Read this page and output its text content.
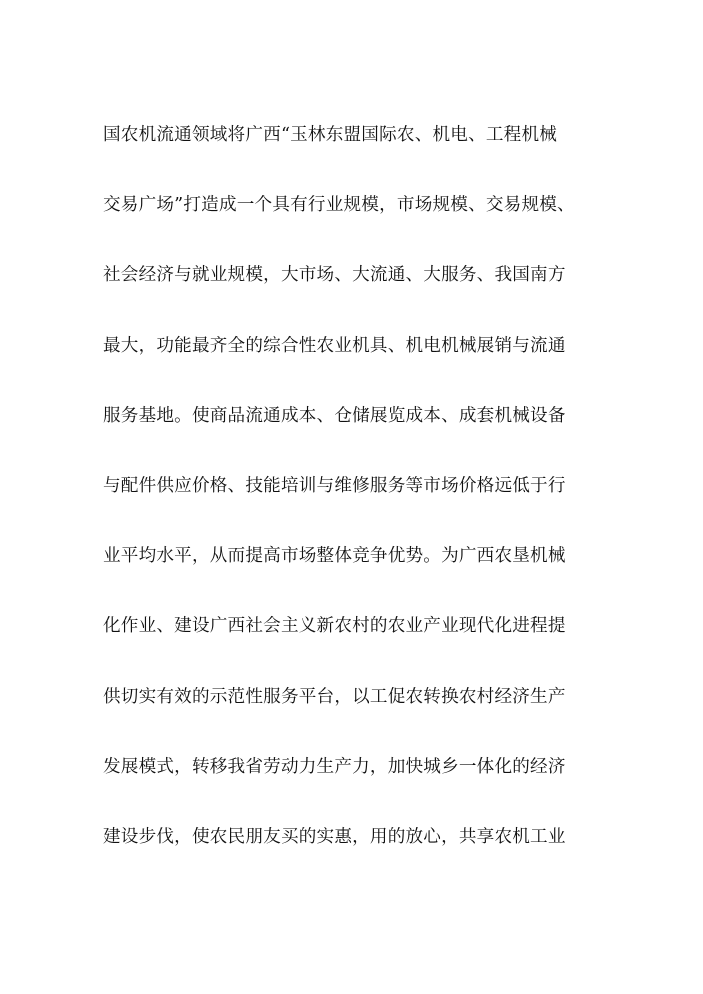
国农机流通领域将广西“玉林东盟国际农、机电、工程机械
交易广场”打造成一个具有行业规模，市场规模、交易规模、
社会经济与就业规模，大市场、大流通、大服务、我国南方
最大，功能最齐全的综合性农业机具、机电机械展销与流通
服务基地。使商品流通成本、仓储展览成本、成套机械设备
与配件供应价格、技能培训与维修服务等市场价格远低于行
业平均水平，从而提高市场整体竞争优势。为广西农垦机械
化作业、建设广西社会主义新农村的农业产业现代化进程提
供切实有效的示范性服务平台，以工促农转换农村经济生产
发展模式，转移我省劳动力生产力，加快城乡一体化的经济
建设步伐，使农民朋友买的实惠，用的放心，共享农机工业
